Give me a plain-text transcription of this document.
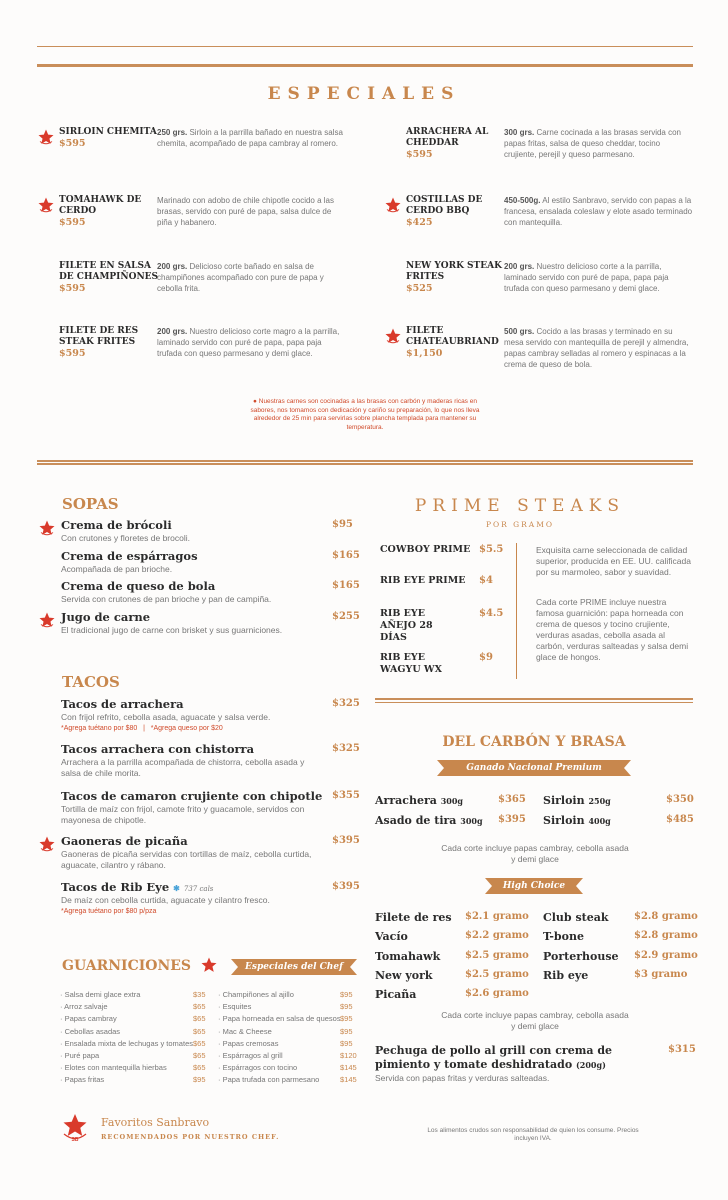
ESPECIALES
SIRLOIN CHEMITA
$595
250 grs. Sirloin a la parrilla bañado en nuestra salsa chemita, acompañado de papa cambray al romero.
TOMAHAWK DE CERDO
$595
Marinado con adobo de chile chipotle cocido a las brasas, servido con puré de papa, salsa dulce de piña y habanero.
FILETE EN SALSA DE CHAMPIÑONES
$595
200 grs. Delicioso corte bañado en salsa de champiñones acompañado con pure de papa y cebolla frita.
FILETE DE RES STEAK FRITES
$595
200 grs. Nuestro delicioso corte magro a la parrilla, laminado servido con puré de papa, papa paja trufada con queso parmesano y demi glace.
ARRACHERA AL CHEDDAR
$595
300 grs. Carne cocinada a las brasas servida con papas fritas, salsa de queso cheddar, tocino crujiente, perejil y queso parmesano.
COSTILLAS DE CERDO BBQ
$425
450-500g. Al estilo Sanbravo, servido con papas a la francesa, ensalada coleslaw y elote asado terminado con mantequilla.
NEW YORK STEAK FRITES
$525
200 grs. Nuestro delicioso corte a la parrilla, laminado servido con puré de papa, papa paja trufada con queso parmesano y demi glace.
FILETE CHATEAUBRIAND
$1,150
500 grs. Cocido a las brasas y terminado en su mesa servido con mantequilla de perejil y almendra, papas cambray selladas al romero y espinacas a la crema de queso de bola.
● Nuestras carnes son cocinadas a las brasas con carbón y maderas ricas en sabores, nos tomamos con dedicación y cariño su preparación, lo que nos lleva alrededor de 25 min para servirlas sobre plancha templada para mantener su temperatura.
SOPAS
Crema de brócoli
Con crutones y floretes de brocoli.
$95
Crema de espárragos
Acompañada de pan brioche.
$165
Crema de queso de bola
Servida con crutones de pan brioche y pan de campiña.
$165
Jugo de carne
El tradicional jugo de carne con brisket y sus guarniciones.
$255
TACOS
Tacos de arrachera
Con frijol refrito, cebolla asada, aguacate y salsa verde.
$325
*Agrega tuétano por $80   |   *Agrega queso por $20
Tacos arrachera con chistorra
Arrachera a la parrilla acompañada de chistorra, cebolla asada y salsa de chile morita.
$325
Tacos de camaron crujiente con chipotle
Tortilla de maíz con frijol, camote frito y guacamole, servidos con mayonesa de chipotle.
$355
Gaoneras de picaña
Gaoneras de picaña servidas con tortillas de maíz, cebolla curtida, aguacate, cilantro y rábano.
$395
Tacos de Rib Eye ✱ 737 cals
De maíz con cebolla curtida, aguacate y cilantro fresco.
$395
*Agrega tuétano por $80 p/pza
GUARNICIONES	Especiales del Chef
· Salsa demi glace extra	$35
· Arroz salvaje	$65
· Papas cambray	$65
· Cebollas asadas	$65
· Ensalada mixta de lechugas y tomates $65
· Puré papa	$65
· Elotes con mantequilla hierbas	$65
· Papas fritas	$95
· Champiñones al ajillo	$95
· Esquites	$95
· Papa horneada en salsa de quesos $95
· Mac & Cheese	$95
· Papas cremosas	$95
· Espárragos al grill	$120
· Espárragos con tocino	$145
· Papa trufada con parmesano	$145
PRIME STEAKS
POR GRAMO
COWBOY PRIME $5.5
RIB EYE PRIME	$4
RIB EYE AÑEJO 28 DÍAS
$4.5
RIB EYE WAGYU WX
$9
Exquisita carne seleccionada de calidad superior, producida en EE. UU. calificada por su marmoleo, sabor y suavidad.
Cada corte PRIME incluye nuestra famosa guarnición: papa horneada con crema de quesos y tocino crujiente, verduras asadas, cebolla asada al carbón, verduras salteadas y salsa demi glace de hongos.
DEL CARBÓN Y BRASA
Ganado Nacional Premium
Arrachera 300g	$365
Asado de tira 300g $395
Sirloin 250g	$350
Sirloin 400g	$485
Cada corte incluye papas cambray, cebolla asada y demi glace
High Choice
Filete de res $2.1 gramo
Vacío	$2.2 gramo
Tomahawk $2.5 gramo
New york	$2.5 gramo
Picaña	$2.6 gramo
Club steak	$2.8 gramo
T-bone	$2.8 gramo
Porterhouse $2.9 gramo
Rib eye	$3 gramo
Cada corte incluye papas cambray, cebolla asada y demi glace
Pechuga de pollo al grill con crema de pimiento y tomate deshidratado (200g)
$315
Servida con papas fritas y verduras salteadas.
SB
Favoritos Sanbravo
RECOMENDADOS POR NUESTRO CHEF.
Los alimentos crudos son responsabilidad de quien los consume. Precios incluyen IVA.
